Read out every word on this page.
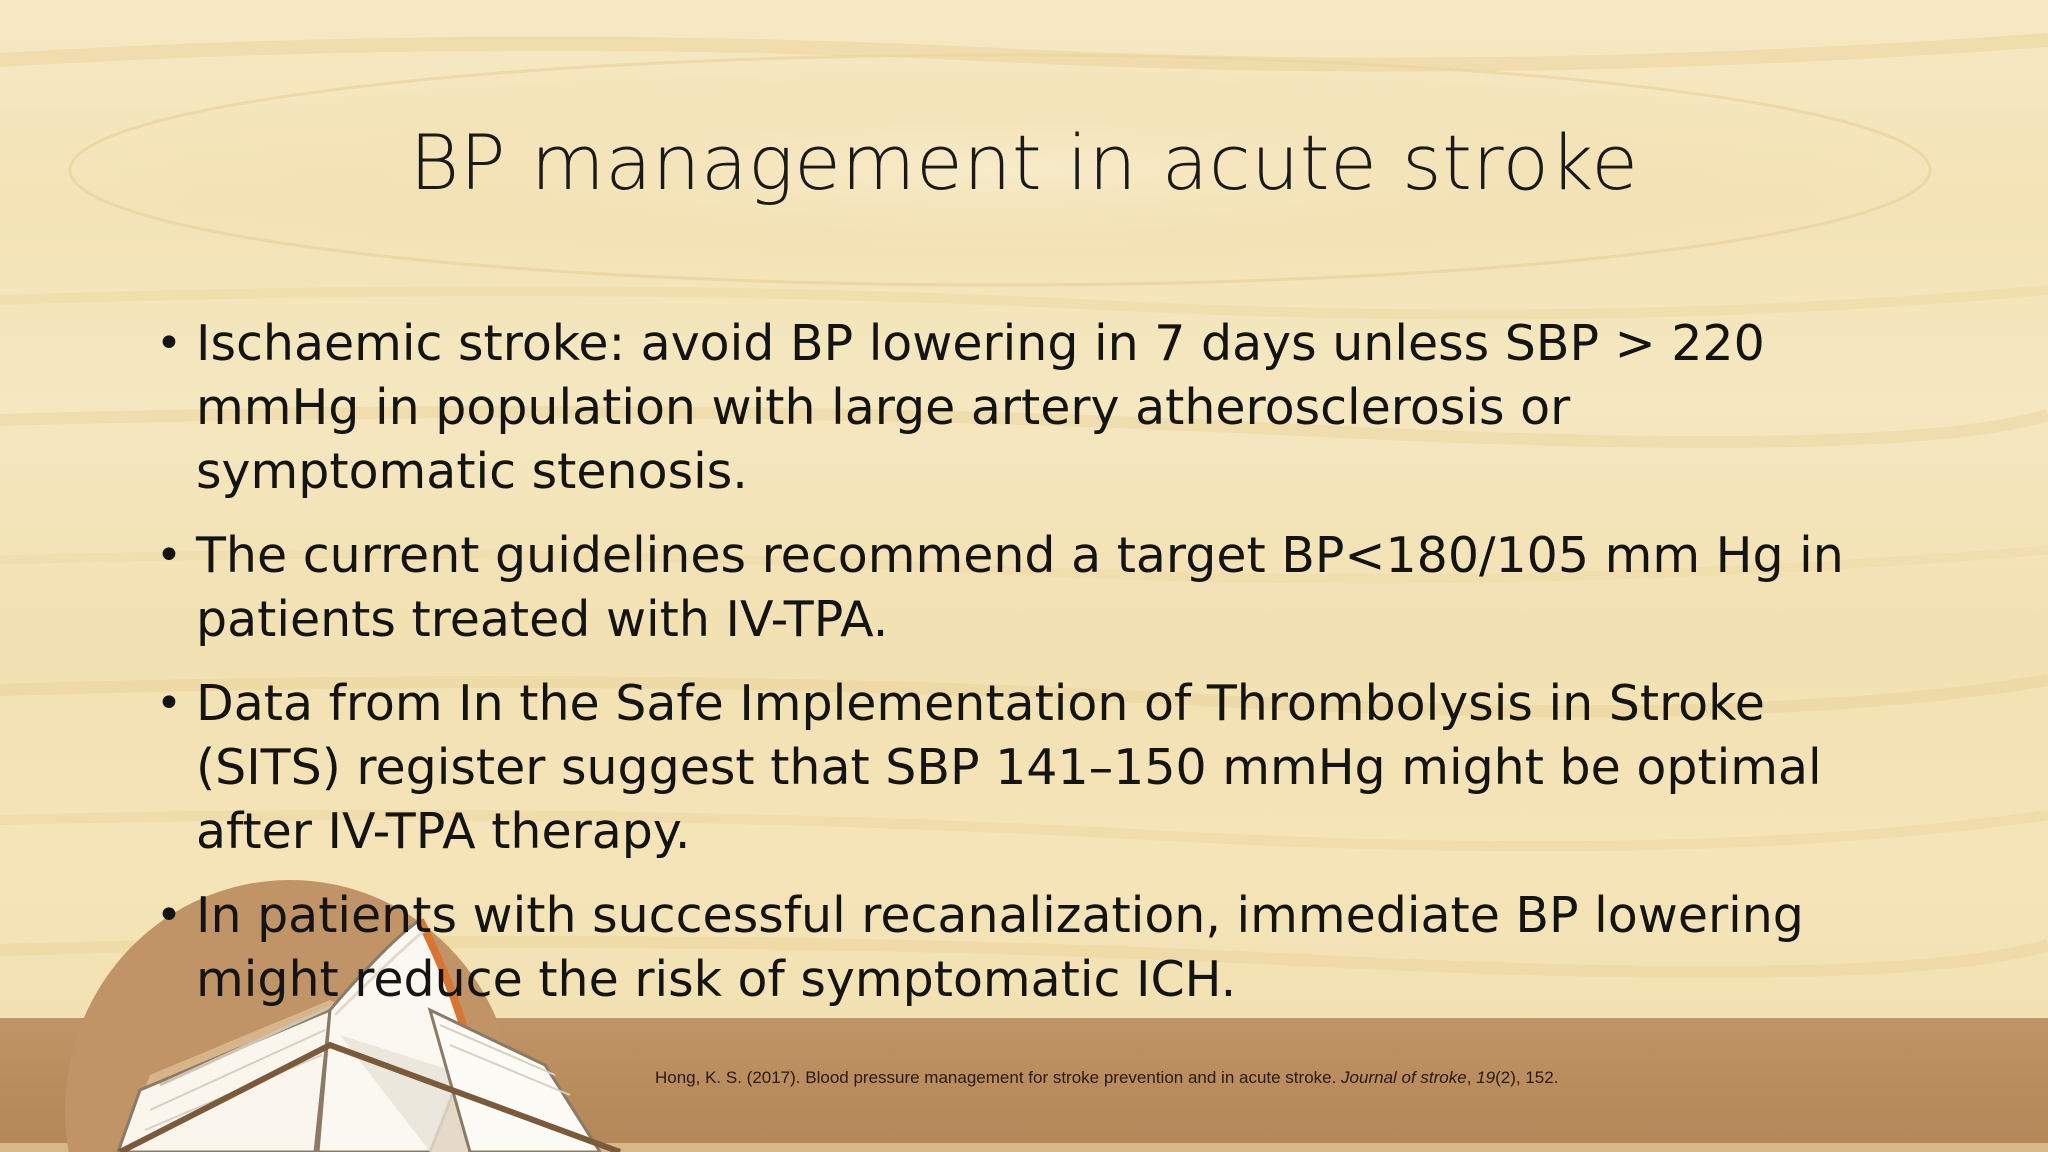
BP management in acute stroke
• Ischaemic stroke: avoid BP lowering in 7 days unless SBP > 220 mmHg in population with large artery atherosclerosis or symptomatic stenosis.
• The current guidelines recommend a target BP<180/105 mm Hg in patients treated with IV-TPA.
• Data from In the Safe Implementation of Thrombolysis in Stroke (SITS) register suggest that SBP 141–150 mmHg might be optimal after IV-TPA therapy.
• In patients with successful recanalization, immediate BP lowering might reduce the risk of symptomatic ICH.
Hong, K. S. (2017). Blood pressure management for stroke prevention and in acute stroke. Journal of stroke, 19(2), 152.
